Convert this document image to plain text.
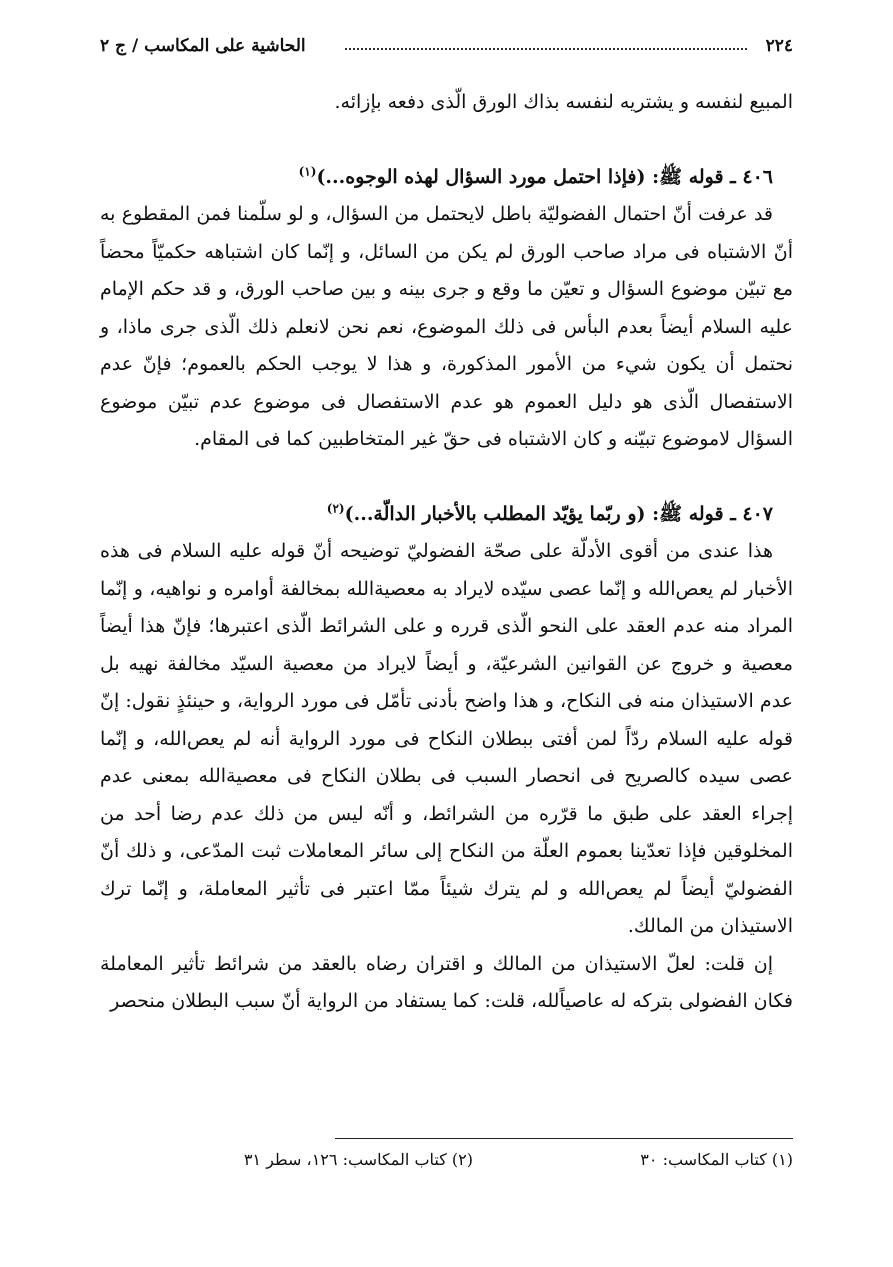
٢٢٤
الحاشية على المكاسب / ج ٢

المبيع لنفسه و يشتريه لنفسه بذاك الورق الّذى دفعه بإزائه.

٤٠٦ ـ قوله ﷺ: (فإذا احتمل مورد السؤال لهذه الوجوه...)$^{(١)}$

قد عرفت أنّ احتمال الفضوليّة باطل لايحتمل من السؤال، و لو سلّمنا فمن المقطوع به أنّ الاشتباه فى مراد صاحب الورق لم يكن من السائل، و إنّما كان اشتباهه حكميّاً محضاً مع تبيّن موضوع السؤال و تعيّن ما وقع و جرى بينه و بين صاحب الورق، و قد حكم الإمام عليه السلام أيضاً بعدم البأس فى ذلك الموضوع، نعم نحن لانعلم ذلك الّذى جرى ماذا، و نحتمل أن يكون شيء من الأمور المذكورة، و هذا لا يوجب الحكم بالعموم؛ فإنّ عدم الاستفصال الّذى هو دليل العموم هو عدم الاستفصال فى موضوع عدم تبيّن موضوع السؤال لاموضوع تبيّنه و كان الاشتباه فى حقّ غير المتخاطبين كما فى المقام.

٤٠٧ ـ قوله ﷺ: (و ربّما يؤيّد المطلب بالأخبار الدالّة...)$^{(٢)}$

هذا عندى من أقوى الأدلّة على صحّة الفضوليّ توضيحه أنّ قوله عليه السلام فى هذه الأخبار لم يعص‌الله و إنّما عصى سيّده لايراد به معصيةالله بمخالفة أوامره و نواهيه، و إنّما المراد منه عدم العقد على النحو الّذى قرره و على الشرائط الّذى اعتبرها؛ فإنّ هذا أيضاً معصية و خروج عن القوانين الشرعيّة، و أيضاً لايراد من معصية السيّد مخالفة نهيه بل عدم الاستيذان منه فى النكاح، و هذا واضح بأدنى تأمّل فى مورد الرواية، و حينئذٍ نقول: إنّ قوله عليه السلام ردّاً لمن أفتى ببطلان النكاح فى مورد الرواية أنه لم يعص‌الله، و إنّما عصى سيده كالصريح فى انحصار السبب فى بطلان النكاح فى معصيةالله بمعنى عدم إجراء العقد على طبق ما قرّره من الشرائط، و أنّه ليس من ذلك عدم رضا أحد من المخلوقين فإذا تعدّينا بعموم العلّة من النكاح إلى سائر المعاملات ثبت المدّعى، و ذلك أنّ الفضوليّ أيضاً لم يعص‌الله و لم يترك شيئاً ممّا اعتبر فى تأثير المعاملة، و إنّما ترك الاستيذان من المالك.

إن قلت: لعلّ الاستيذان من المالك و اقتران رضاه بالعقد من شرائط تأثير المعاملة فكان الفضولى بتركه له عاصياًلله، قلت: كما يستفاد من الرواية أنّ سبب البطلان منحصر

(١) كتاب المكاسب: ٣٠
(٢) كتاب المكاسب: ١٢٦، سطر ٣١
